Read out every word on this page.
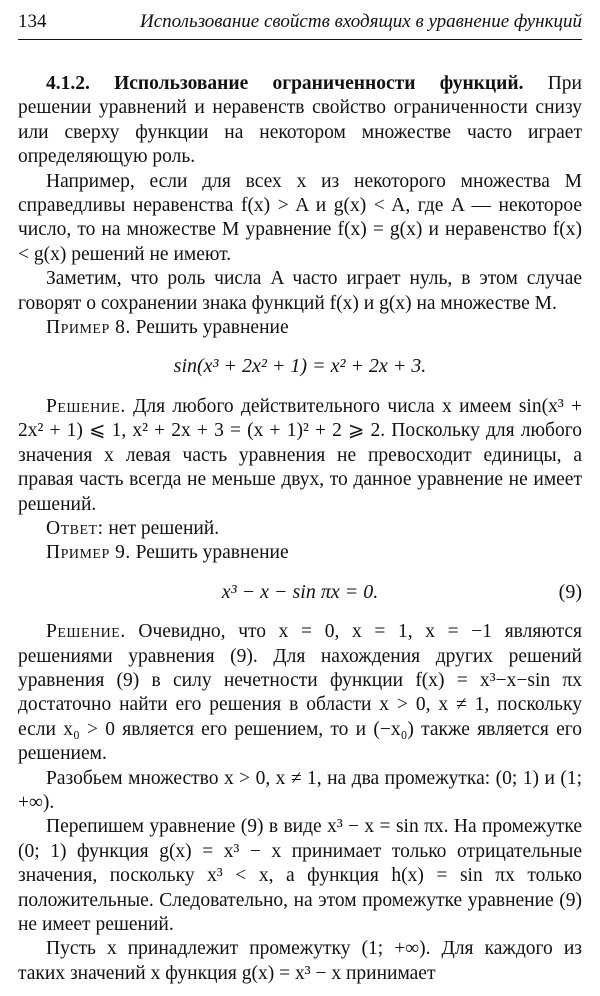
134	Использование свойств входящих в уравнение функций

4.1.2. Использование ограниченности функций. При решении уравнений и неравенств свойство ограниченности снизу или сверху функции на некотором множестве часто играет определяющую роль.

Например, если для всех x из некоторого множества M справедливы неравенства f(x) > A и g(x) < A, где A — некоторое число, то на множестве M уравнение f(x) = g(x) и неравенство f(x) < g(x) решений не имеют.

Заметим, что роль числа A часто играет нуль, в этом случае говорят о сохранении знака функций f(x) и g(x) на множестве M.

Пример 8. Решить уравнение

sin(x³ + 2x² + 1) = x² + 2x + 3.

Решение. Для любого действительного числа x имеем sin(x³ + 2x² + 1) ⩽ 1, x² + 2x + 3 = (x + 1)² + 2 ⩾ 2. Поскольку для любого значения x левая часть уравнения не превосходит единицы, а правая часть всегда не меньше двух, то данное уравнение не имеет решений.

Ответ: нет решений.

Пример 9. Решить уравнение

x³ − x − sin πx = 0.	(9)

Решение. Очевидно, что x = 0, x = 1, x = −1 являются решениями уравнения (9). Для нахождения других решений уравнения (9) в силу нечетности функции f(x) = x³−x−sin πx достаточно найти его решения в области x > 0, x ≠ 1, поскольку если x₀ > 0 является его решением, то и (−x₀) также является его решением.

Разобьем множество x > 0, x ≠ 1, на два промежутка: (0; 1) и (1; +∞).

Перепишем уравнение (9) в виде x³ − x = sin πx. На промежутке (0; 1) функция g(x) = x³ − x принимает только отрицательные значения, поскольку x³ < x, а функция h(x) = sin πx только положительные. Следовательно, на этом промежутке уравнение (9) не имеет решений.

Пусть x принадлежит промежутку (1; +∞). Для каждого из таких значений x функция g(x) = x³ − x принимает
